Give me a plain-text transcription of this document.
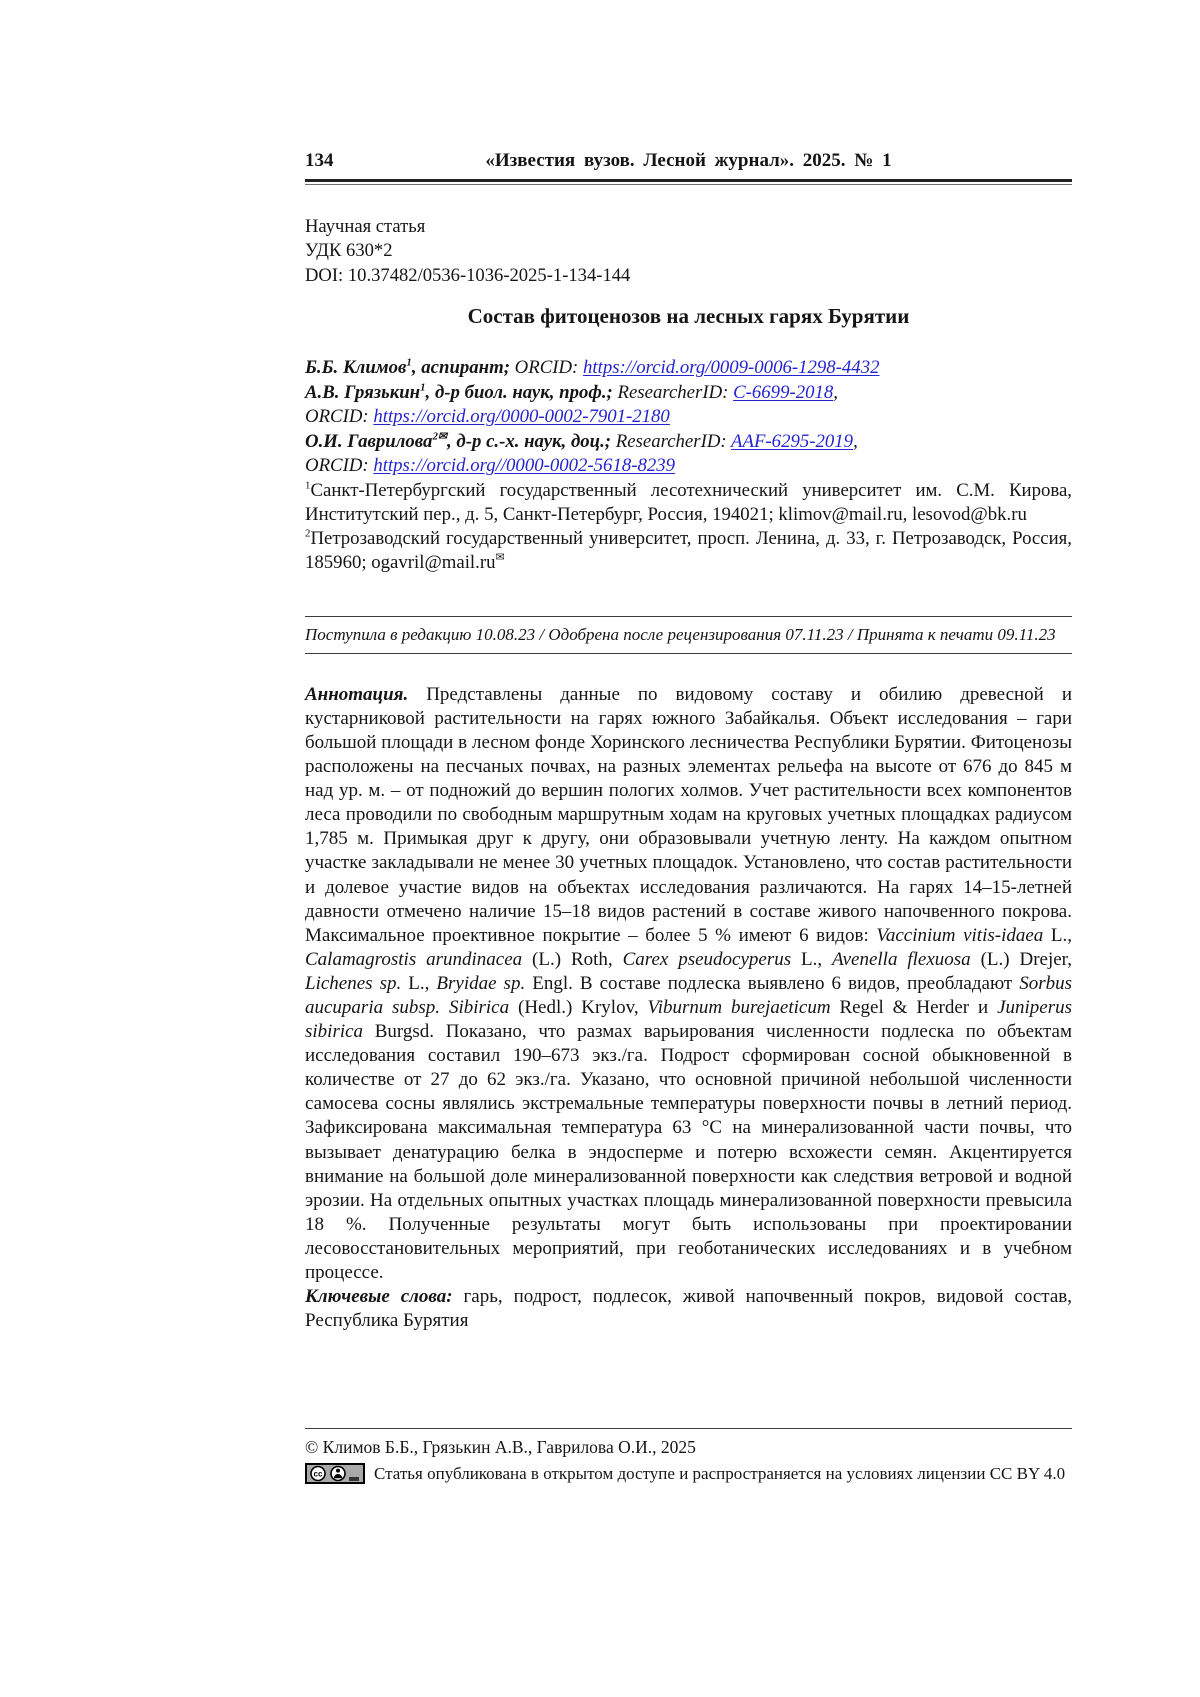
134	«Известия вузов. Лесной журнал». 2025. № 1
Научная статья
УДК 630*2
DOI: 10.37482/0536-1036-2025-1-134-144
Состав фитоценозов на лесных гарях Бурятии
Б.Б. Климов$^1$, аспирант; ORCID: https://orcid.org/0009-0006-1298-4432
А.В. Грязькин$^1$, д-р биол. наук, проф.; ResearcherID: C-6699-2018,
ORCID: https://orcid.org/0000-0002-7901-2180
О.И. Гаврилова$^{2✉}$, д-р с.-х. наук, доц.; ResearcherID: AAF-6295-2019,
ORCID: https://orcid.org//0000-0002-5618-8239
$^1$Санкт-Петербургский государственный лесотехнический университет им. С.М. Кирова, Институтский пер., д. 5, Санкт-Петербург, Россия, 194021; klimov@mail.ru, lesovod@bk.ru
$^2$Петрозаводский государственный университет, просп. Ленина, д. 33, г. Петрозаводск, Россия, 185960; ogavril@mail.ru✉
Поступила в редакцию 10.08.23 / Одобрена после рецензирования 07.11.23 / Принята к печати 09.11.23

Аннотация. Представлены данные по видовому составу и обилию древесной и кустарниковой растительности на гарях южного Забайкалья. Объект исследования – гари большой площади в лесном фонде Хоринского лесничества Республики Бурятии. Фитоценозы расположены на песчаных почвах, на разных элементах рельефа на высоте от 676 до 845 м над ур. м. – от подножий до вершин пологих холмов. Учет растительности всех компонентов леса проводили по свободным маршрутным ходам на круговых учетных площадках радиусом 1,785 м. Примыкая друг к другу, они образовывали учетную ленту. На каждом опытном участке закладывали не менее 30 учетных площадок. Установлено, что состав растительности и долевое участие видов на объектах исследования различаются. На гарях 14–15-летней давности отмечено наличие 15–18 видов растений в составе живого напочвенного покрова. Максимальное проективное покрытие – более 5 % имеют 6 видов: Vaccinium vitis-idaea L., Calamagrostis arundinacea (L.) Roth, Carex pseudocyperus L., Avenella flexuosa (L.) Drejer, Lichenes sp. L., Bryidae sp. Engl. В составе подлеска выявлено 6 видов, преобладают Sorbus aucuparia subsp. Sibirica (Hedl.) Krylov, Viburnum burejaeticum Regel & Herder и Juniperus sibirica Burgsd. Показано, что размах варьирования численности подлеска по объектам исследования составил 190–673 экз./га. Подрост сформирован сосной обыкновенной в количестве от 27 до 62 экз./га. Указано, что основной причиной небольшой численности самосева сосны являлись экстремальные температуры поверхности почвы в летний период. Зафиксирована максимальная температура 63 °С на минерализованной части почвы, что вызывает денатурацию белка в эндосперме и потерю всхожести семян. Акцентируется внимание на большой доле минерализованной поверхности как следствия ветровой и водной эрозии. На отдельных опытных участках площадь минерализованной поверхности превысила 18 %. Полученные результаты могут быть использованы при проектировании лесовосстановительных мероприятий, при геоботанических исследованиях и в учебном процессе.

Ключевые слова: гарь, подрост, подлесок, живой напочвенный покров, видовой состав, Республика Бурятия

© Климов Б.Б., Грязькин А.В., Гаврилова О.И., 2025
cc	Статья опубликована в открытом доступе и распространяется на условиях лицензии CC BY 4.0
